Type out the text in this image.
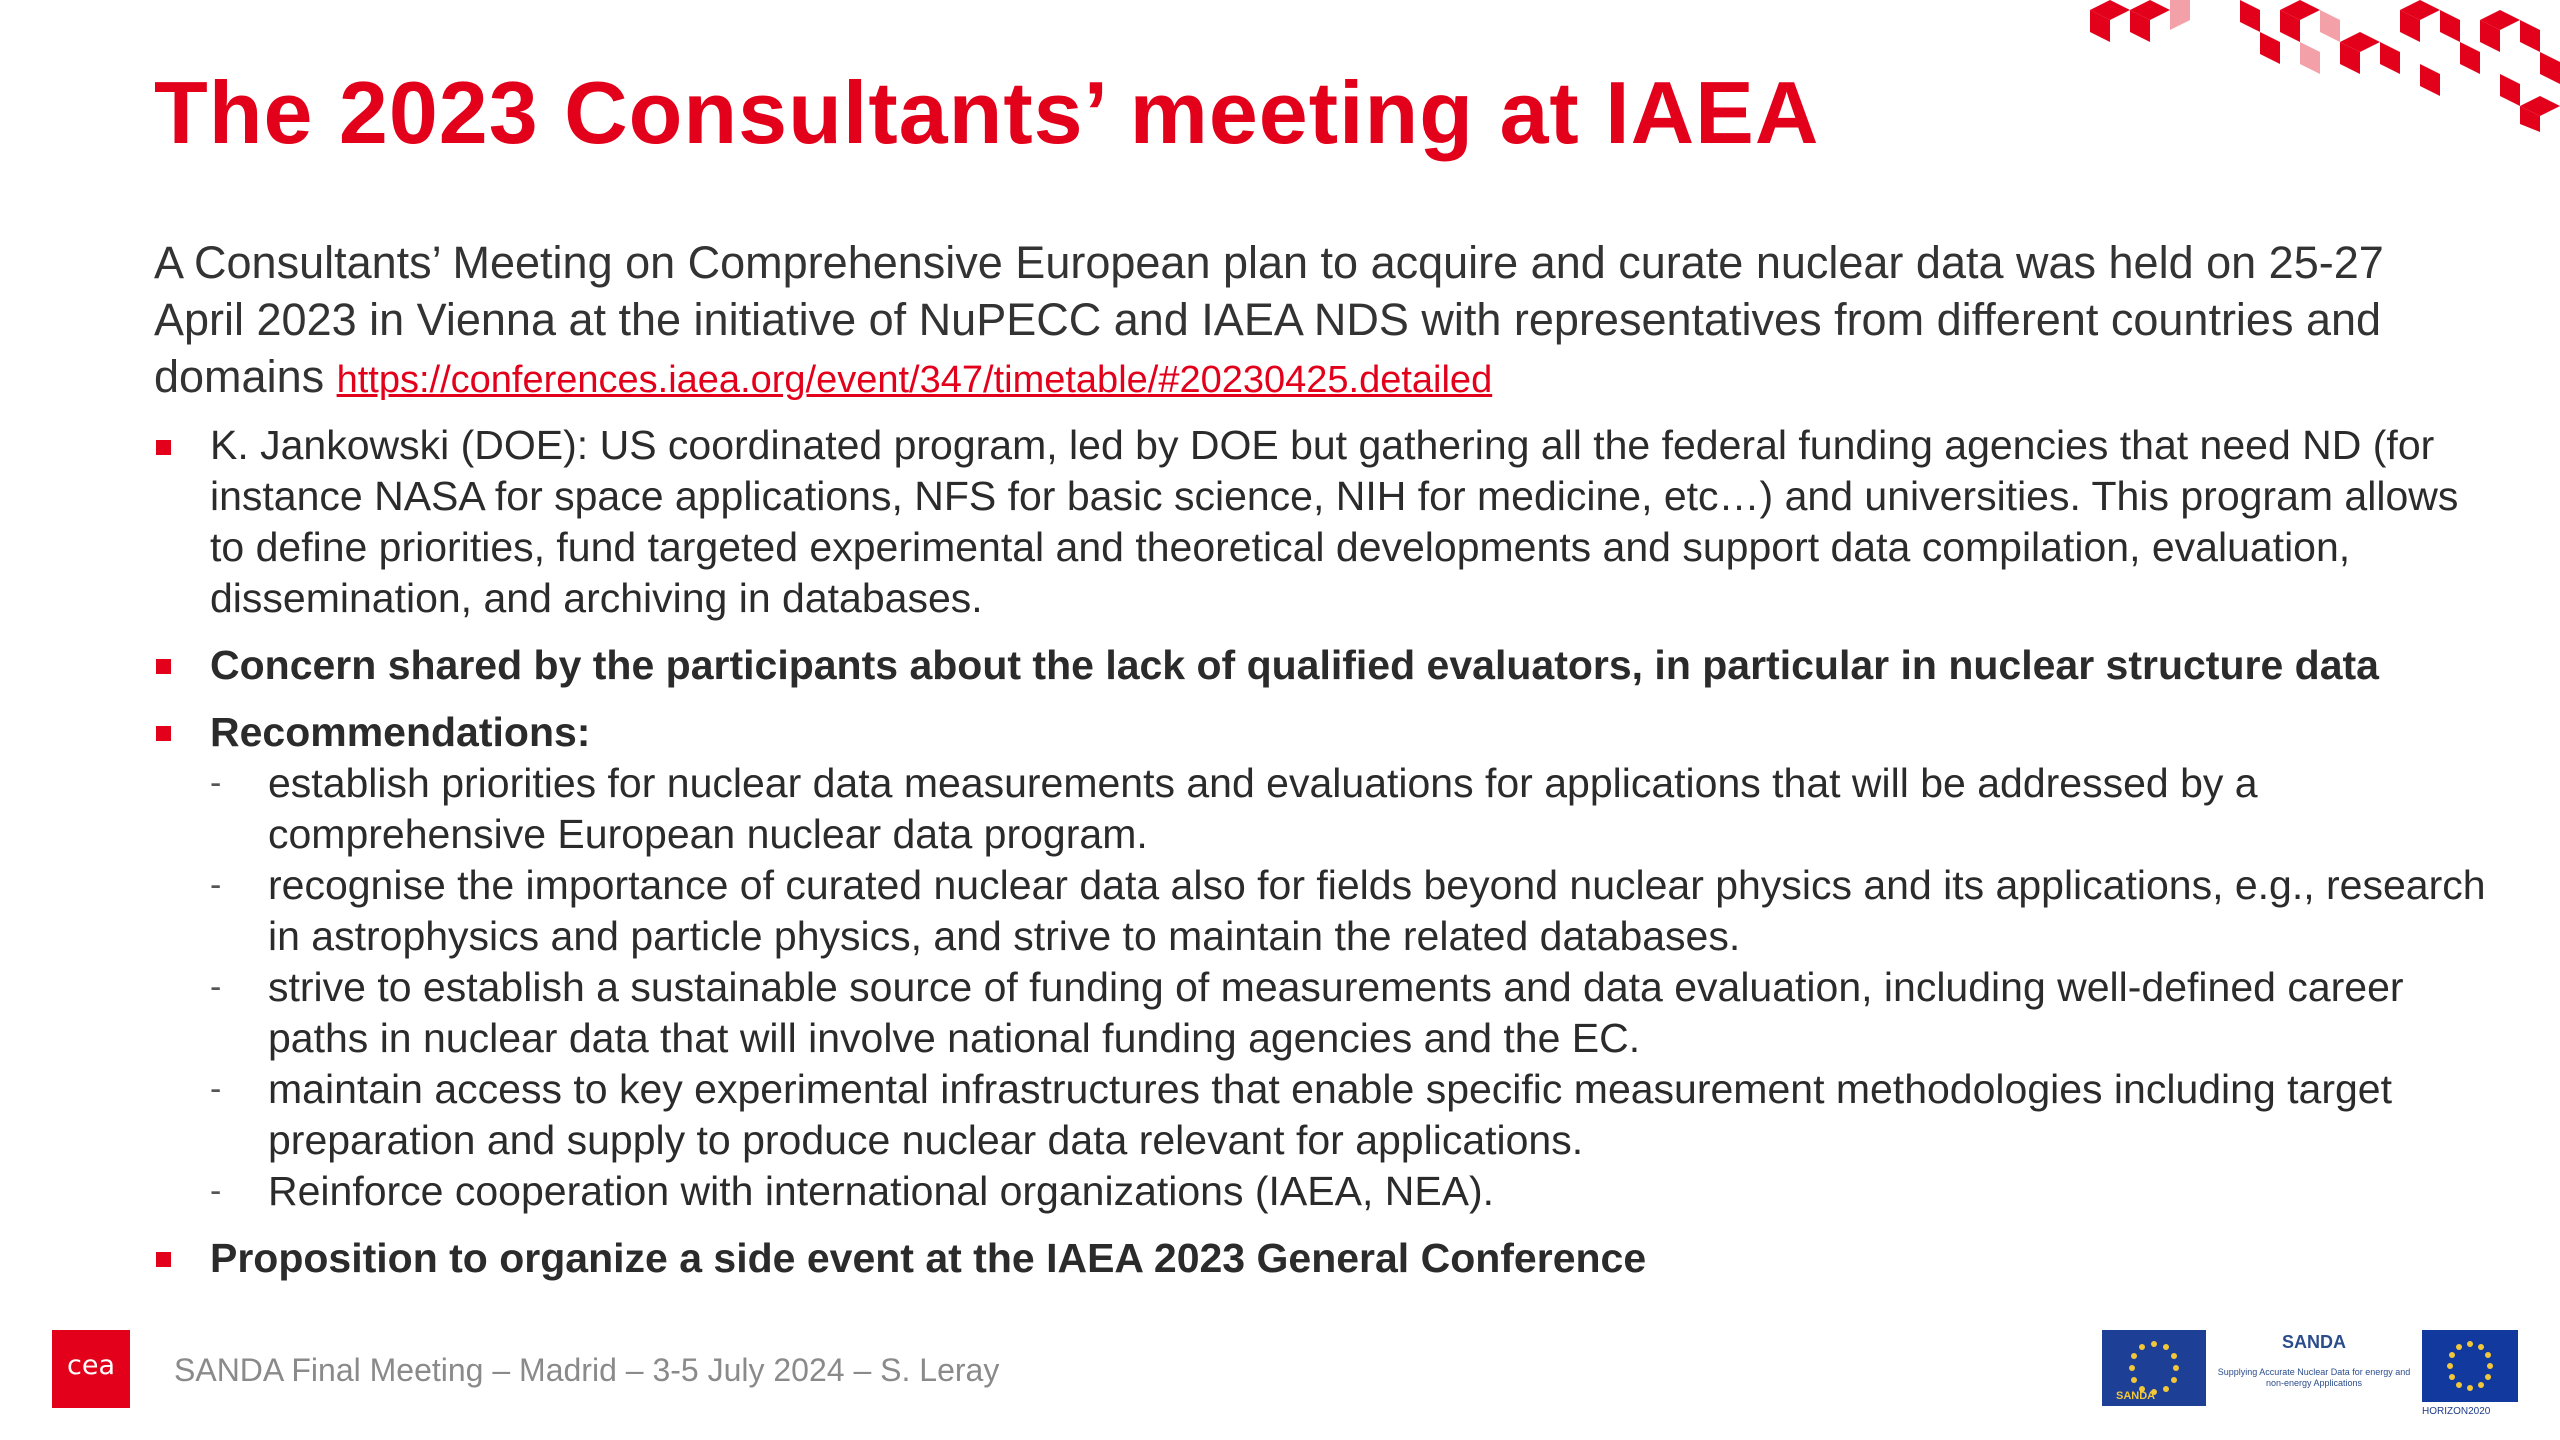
The 2023 Consultants’ meeting at IAEA
A Consultants’ Meeting on Comprehensive European plan to acquire and curate nuclear data was held on 25-27 April 2023 in Vienna at the initiative of NuPECC and IAEA NDS with representatives from different countries and domains https://conferences.iaea.org/event/347/timetable/#20230425.detailed
K. Jankowski (DOE): US coordinated program, led by DOE but gathering all the federal funding agencies that need ND (for instance NASA for space applications, NFS for basic science, NIH for medicine, etc…) and universities. This program allows to define priorities, fund targeted experimental and theoretical developments and support data compilation, evaluation, dissemination, and archiving in databases.
Concern shared by the participants about the lack of qualified evaluators, in particular in nuclear structure data
Recommendations:
- establish priorities for nuclear data measurements and evaluations for applications that will be addressed by a comprehensive European nuclear data program.
- recognise the importance of curated nuclear data also for fields beyond nuclear physics and its applications, e.g., research in astrophysics and particle physics, and strive to maintain the related databases.
- strive to establish a sustainable source of funding of measurements and data evaluation, including well-defined career paths in nuclear data that will involve national funding agencies and the EC.
- maintain access to key experimental infrastructures that enable specific measurement methodologies including target preparation and supply to produce nuclear data relevant for applications.
- Reinforce cooperation with international organizations (IAEA, NEA).
Proposition to organize a side event at the IAEA 2023 General Conference
cea	SANDA Final Meeting – Madrid – 3-5 July 2024 – S. Leray
SANDA
SANDA
Supplying Accurate Nuclear Data for energy and non-energy Applications
HORIZON2020
